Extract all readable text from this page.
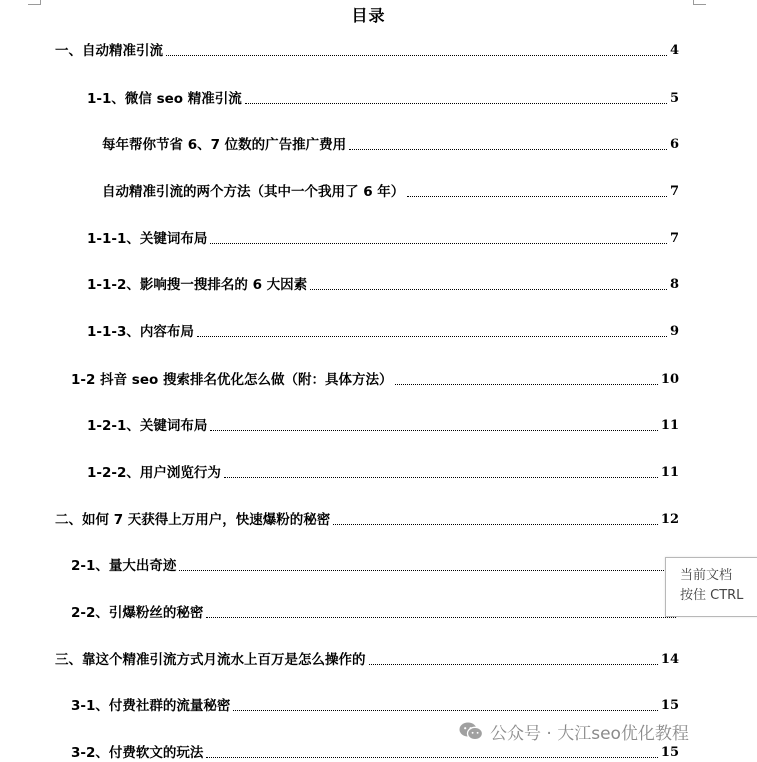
目录
一、自动精准引流	4
1-1、微信 seo 精准引流	5
每年帮你节省 6、7 位数的广告推广费用	6
自动精准引流的两个方法（其中一个我用了 6 年）	7
1-1-1、关键词布局	7
1-1-2、影响搜一搜排名的 6 大因素	8
1-1-3、内容布局	9
1-2 抖音 seo 搜索排名优化怎么做（附：具体方法）	10
1-2-1、关键词布局	11
1-2-2、用户浏览行为	11
二、如何 7 天获得上万用户，快速爆粉的秘密	12
2-1、量大出奇迹
2-2、引爆粉丝的秘密
三、靠这个精准引流方式月流水上百万是怎么操作的	14
3-1、付费社群的流量秘密	15
3-2、付费软文的玩法	15
当前文档
按住 CTRL
公众号 · 大江seo优化教程
